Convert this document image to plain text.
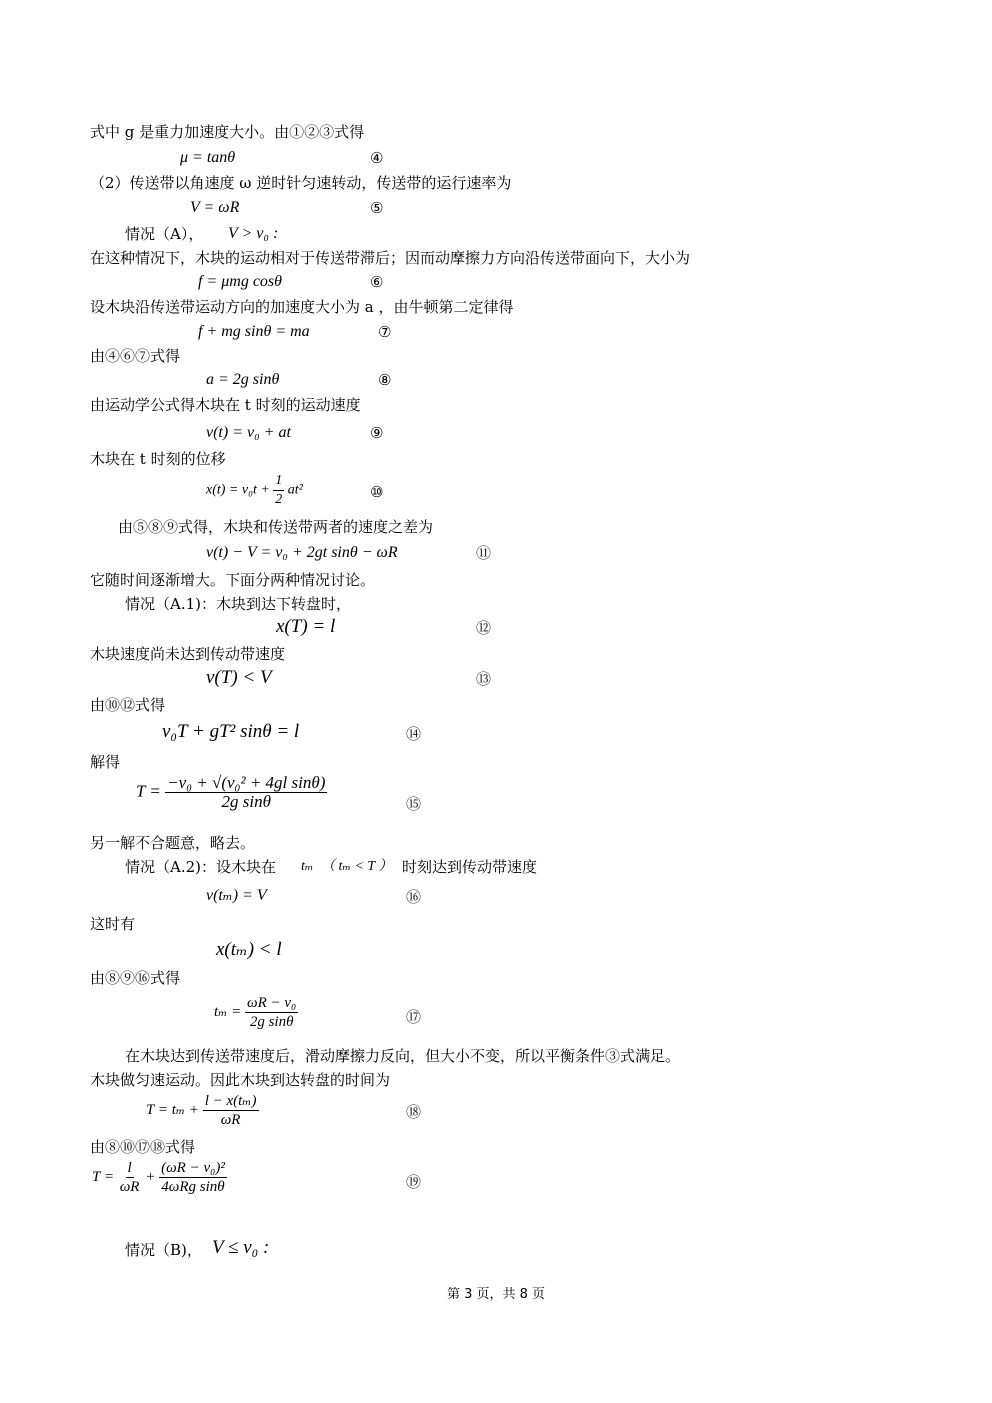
式中 g 是重力加速度大小。由①②③式得
μ = tanθ	④
（2）传送带以角速度 ω 逆时针匀速转动，传送带的运行速率为
V = ωR	⑤
情况（A）， V > v₀ :
在这种情况下，木块的运动相对于传送带滞后；因而动摩擦力方向沿传送带面向下，大小为
f = μmg cosθ	⑥
设木块沿传送带运动方向的加速度大小为 a ，由牛顿第二定律得
f + mg sinθ = ma	⑦
由④⑥⑦式得
a = 2g sinθ	⑧
由运动学公式得木块在 t 时刻的运动速度
v(t) = v₀ + at	⑨
木块在 t 时刻的位移
$x(t) = v_0t + \frac{1}{2} at^2$	⑩
由⑤⑧⑨式得，木块和传送带两者的速度之差为
v(t) − V = v₀ + 2gt sinθ − ωR	⑪
它随时间逐渐增大。下面分两种情况讨论。
情况（A.1)：木块到达下转盘时，
x(T) = l	⑫
木块速度尚未达到传动带速度
v(T) < V	⑬
由⑩⑫式得
v₀T + gT² sinθ = l	⑭
解得
$T = \frac{\text{−v₀ + √(v₀² + 4gl sinθ)}}{\text{2g sinθ}}$	⑮
另一解不合题意，略去。
情况（A.2)：设木块在 tₘ （ tₘ < T ） 时刻达到传动带速度
v(tₘ) = V	⑯
这时有
x(tₘ) < l
由⑧⑨⑯式得
$t_m = \frac{\text{ωR − v₀}}{\text{2g sinθ}}$	⑰
在木块达到传送带速度后，滑动摩擦力反向，但大小不变，所以平衡条件③式满足。
木块做匀速运动。因此木块到达转盘的时间为
$T = t_m + \frac{\text{l − x(tₘ)}}{\omega R}$	⑱
由⑧⑩⑰⑱式得
$T = \frac{l}{\omega R} + \frac{\text{(ωR − v₀)²}}{\text{4ωRg sinθ}}$	⑲
情况（B)， V ≤ v₀ :
第 3 页，共 8 页
